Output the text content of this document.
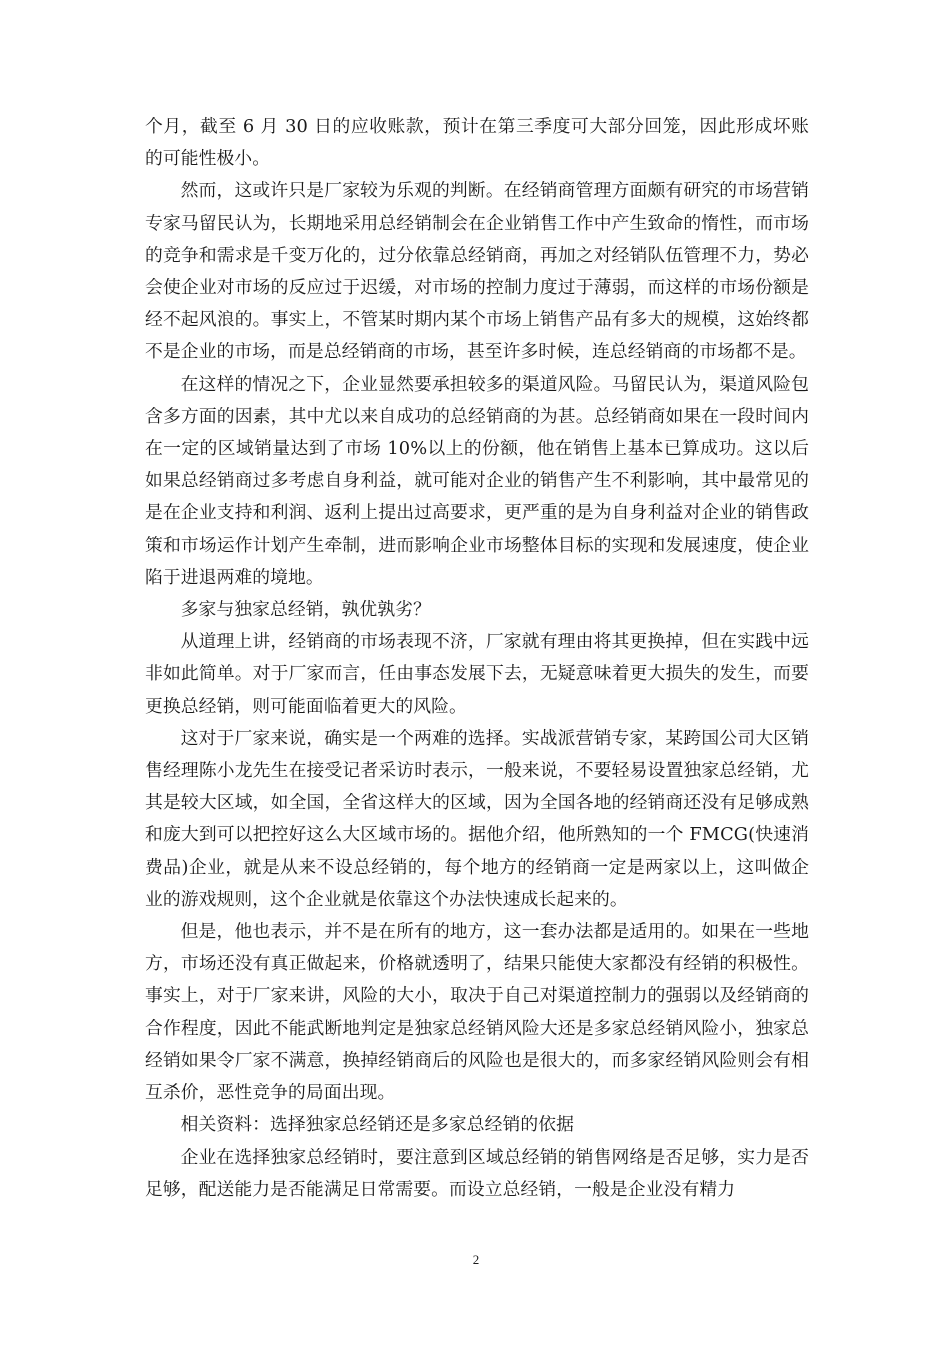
个月，截至 6 月 30 日的应收账款，预计在第三季度可大部分回笼，因此形成坏账的可能性极小。

然而，这或许只是厂家较为乐观的判断。在经销商管理方面颇有研究的市场营销专家马留民认为，长期地采用总经销制会在企业销售工作中产生致命的惰性，而市场的竞争和需求是千变万化的，过分依靠总经销商，再加之对经销队伍管理不力，势必会使企业对市场的反应过于迟缓，对市场的控制力度过于薄弱，而这样的市场份额是经不起风浪的。事实上，不管某时期内某个市场上销售产品有多大的规模，这始终都不是企业的市场，而是总经销商的市场，甚至许多时候，连总经销商的市场都不是。

在这样的情况之下，企业显然要承担较多的渠道风险。马留民认为，渠道风险包含多方面的因素，其中尤以来自成功的总经销商的为甚。总经销商如果在一段时间内在一定的区域销量达到了市场 10%以上的份额，他在销售上基本已算成功。这以后如果总经销商过多考虑自身利益，就可能对企业的销售产生不利影响，其中最常见的是在企业支持和利润、返利上提出过高要求，更严重的是为自身利益对企业的销售政策和市场运作计划产生牵制，进而影响企业市场整体目标的实现和发展速度，使企业陷于进退两难的境地。

多家与独家总经销，孰优孰劣？

从道理上讲，经销商的市场表现不济，厂家就有理由将其更换掉，但在实践中远非如此简单。对于厂家而言，任由事态发展下去，无疑意味着更大损失的发生，而要更换总经销，则可能面临着更大的风险。

这对于厂家来说，确实是一个两难的选择。实战派营销专家，某跨国公司大区销售经理陈小龙先生在接受记者采访时表示，一般来说，不要轻易设置独家总经销，尤其是较大区域，如全国，全省这样大的区域，因为全国各地的经销商还没有足够成熟和庞大到可以把控好这么大区域市场的。据他介绍，他所熟知的一个 FMCG(快速消费品)企业，就是从来不设总经销的，每个地方的经销商一定是两家以上，这叫做企业的游戏规则，这个企业就是依靠这个办法快速成长起来的。

但是，他也表示，并不是在所有的地方，这一套办法都是适用的。如果在一些地方，市场还没有真正做起来，价格就透明了，结果只能使大家都没有经销的积极性。事实上，对于厂家来讲，风险的大小，取决于自己对渠道控制力的强弱以及经销商的合作程度，因此不能武断地判定是独家总经销风险大还是多家总经销风险小，独家总经销如果令厂家不满意，换掉经销商后的风险也是很大的，而多家经销风险则会有相互杀价，恶性竞争的局面出现。

相关资料：选择独家总经销还是多家总经销的依据

企业在选择独家总经销时，要注意到区域总经销的销售网络是否足够，实力是否足够，配送能力是否能满足日常需要。而设立总经销，一般是企业没有精力

2
